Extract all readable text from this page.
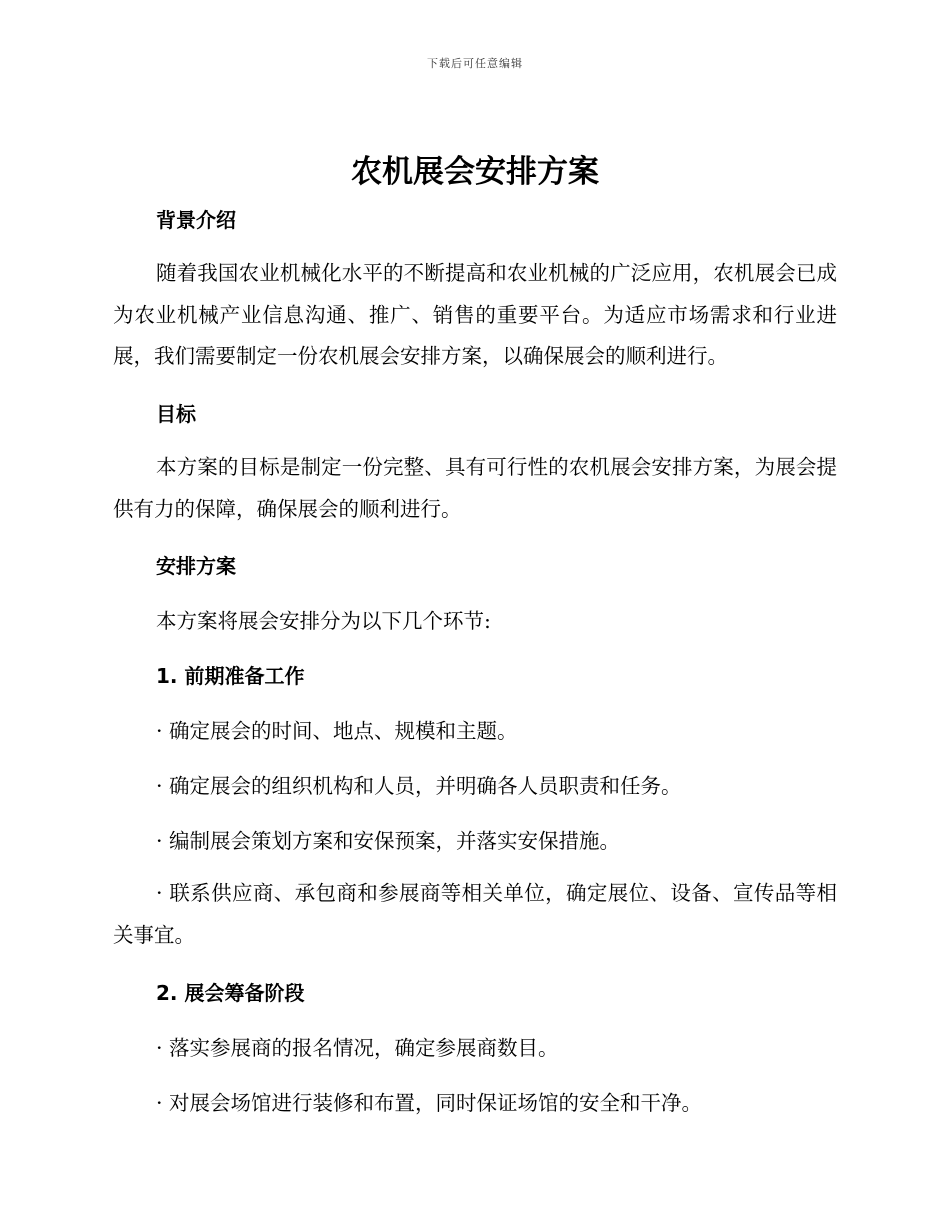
下载后可任意编辑
农机展会安排方案
背景介绍

随着我国农业机械化水平的不断提高和农业机械的广泛应用，农机展会已成为农业机械产业信息沟通、推广、销售的重要平台。为适应市场需求和行业进展，我们需要制定一份农机展会安排方案，以确保展会的顺利进行。

目标

本方案的目标是制定一份完整、具有可行性的农机展会安排方案，为展会提供有力的保障，确保展会的顺利进行。

安排方案
本方案将展会安排分为以下几个环节:
1. 前期准备工作
· 确定展会的时间、地点、规模和主题。
· 确定展会的组织机构和人员，并明确各人员职责和任务。
· 编制展会策划方案和安保预案，并落实安保措施。

· 联系供应商、承包商和参展商等相关单位，确定展位、设备、宣传品等相关事宜。

2. 展会筹备阶段
· 落实参展商的报名情况，确定参展商数目。
· 对展会场馆进行装修和布置，同时保证场馆的安全和干净。
